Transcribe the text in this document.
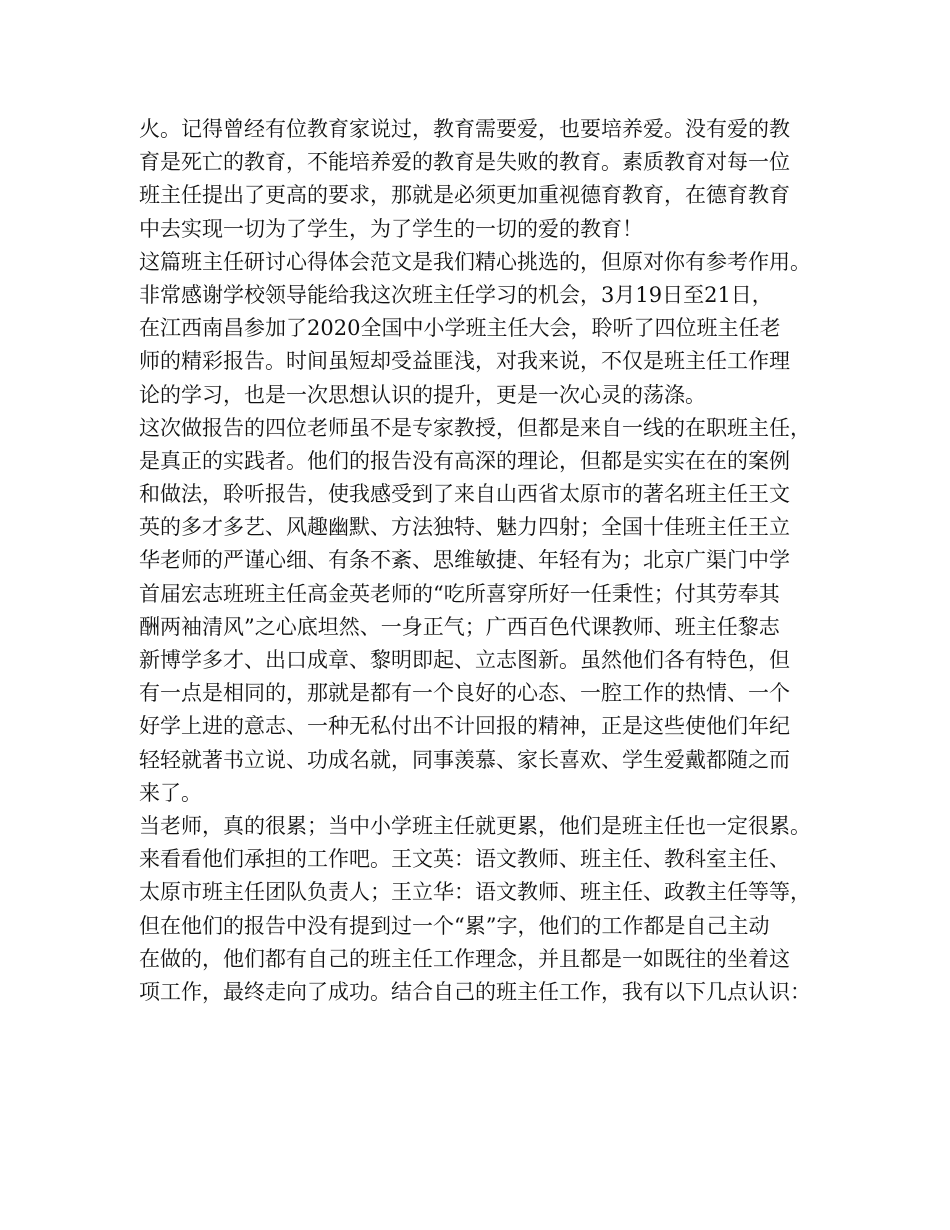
火。记得曾经有位教育家说过，教育需要爱，也要培养爱。没有爱的教
育是死亡的教育，不能培养爱的教育是失败的教育。素质教育对每一位
班主任提出了更高的要求，那就是必须更加重视德育教育，在德育教育
中去实现一切为了学生，为了学生的一切的爱的教育！
这篇班主任研讨心得体会范文是我们精心挑选的，但原对你有参考作用。
非常感谢学校领导能给我这次班主任学习的机会，3月19日至21日，
在江西南昌参加了2020全国中小学班主任大会，聆听了四位班主任老
师的精彩报告。时间虽短却受益匪浅，对我来说，不仅是班主任工作理
论的学习，也是一次思想认识的提升，更是一次心灵的荡涤。
这次做报告的四位老师虽不是专家教授，但都是来自一线的在职班主任，
是真正的实践者。他们的报告没有高深的理论，但都是实实在在的案例
和做法，聆听报告，使我感受到了来自山西省太原市的著名班主任王文
英的多才多艺、风趣幽默、方法独特、魅力四射；全国十佳班主任王立
华老师的严谨心细、有条不紊、思维敏捷、年轻有为；北京广渠门中学
首届宏志班班主任高金英老师的“吃所喜穿所好一任秉性；付其劳奉其
酬两袖清风”之心底坦然、一身正气；广西百色代课教师、班主任黎志
新博学多才、出口成章、黎明即起、立志图新。虽然他们各有特色，但
有一点是相同的，那就是都有一个良好的心态、一腔工作的热情、一个
好学上进的意志、一种无私付出不计回报的精神，正是这些使他们年纪
轻轻就著书立说、功成名就，同事羡慕、家长喜欢、学生爱戴都随之而
来了。
当老师，真的很累；当中小学班主任就更累，他们是班主任也一定很累。
来看看他们承担的工作吧。王文英：语文教师、班主任、教科室主任、
太原市班主任团队负责人；王立华：语文教师、班主任、政教主任等等，
但在他们的报告中没有提到过一个“累”字，他们的工作都是自己主动
在做的，他们都有自己的班主任工作理念，并且都是一如既往的坐着这
项工作，最终走向了成功。结合自己的班主任工作，我有以下几点认识：
